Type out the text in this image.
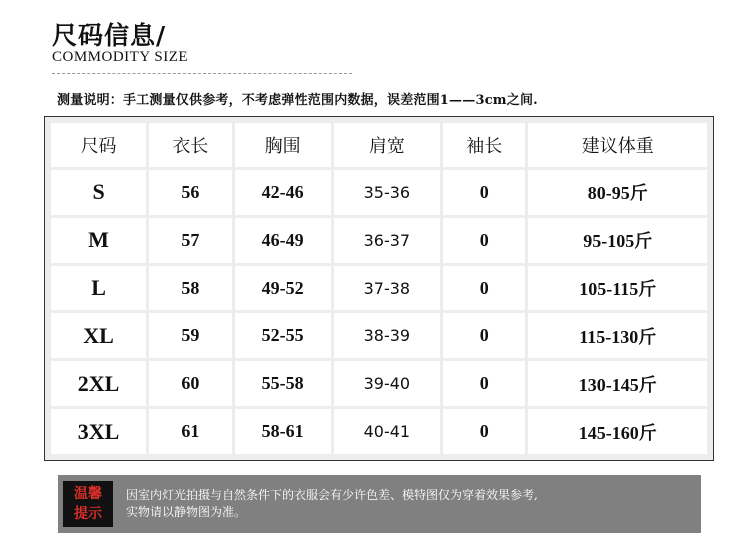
尺码信息/
COMMODITY SIZE
测量说明：手工测量仅供参考，不考虑弹性范围内数据，误差范围1——3cm之间.
尺码	衣长	胸围	肩宽	袖长	建议体重
S	56	42-46	35-36	0	80-95斤
M	57	46-49	36-37	0	95-105斤
L	58	49-52	37-38	0	105-115斤
XL	59	52-55	38-39	0	115-130斤
2XL	60	55-58	39-40	0	130-145斤
3XL	61	58-61	40-41	0	145-160斤
温馨
提示
因室内灯光拍摄与自然条件下的衣服会有少许色差、模特图仅为穿着效果参考,
实物请以静物图为准。
